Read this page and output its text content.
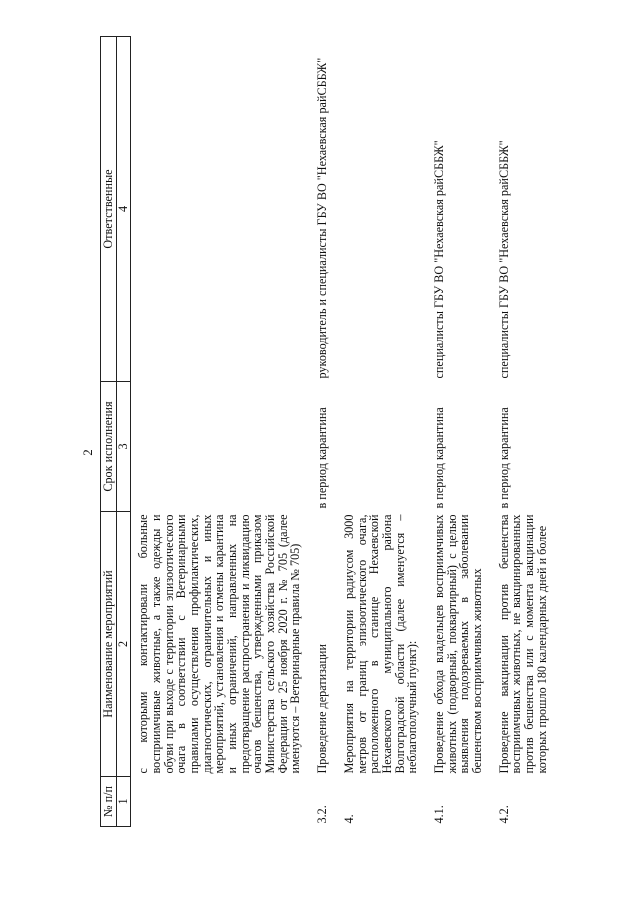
2
№ п/п	Наименование мероприятий	Срок исполнения	Ответственные
1	2	3	4
	с которыми контактировали больные восприимчивые животные, а также одежды и обуви при выходе с территории эпизоотического очага в соответствии с Ветеринарными правилами осуществления профилактических, диагностических, ограничительных и иных мероприятий, установления и отмены карантина и иных ограничений, направленных на предотвращение распространения и ликвидацию очагов бешенства, утвержденными приказом Министерства сельского хозяйства Российской Федерации от 25 ноября 2020 г. № 705 (далее именуются – Ветеринарные правила № 705)		
3.2.	Проведение дератизации	в период карантина	руководитель и специалисты ГБУ ВО "Нехаевская райСББЖ"
4.	Мероприятия на территории радиусом 3000 метров от границ эпизоотического очага, расположенного в станице Нехаевской Нехаевского муниципального района Волгоградской области (далее именуется – неблагополучный пункт):		
4.1.	Проведение обхода владельцев восприимчивых животных (подворный, поквартирный) с целью выявления подозреваемых в заболевании бешенством восприимчивых животных	в период карантина	специалисты ГБУ ВО "Нехаевская райСББЖ"
4.2.	Проведение вакцинации против бешенства восприимчивых животных, не вакцинированных против бешенства или с момента вакцинации которых прошло 180 календарных дней и более	в период карантина	специалисты ГБУ ВО "Нехаевская райСББЖ"
